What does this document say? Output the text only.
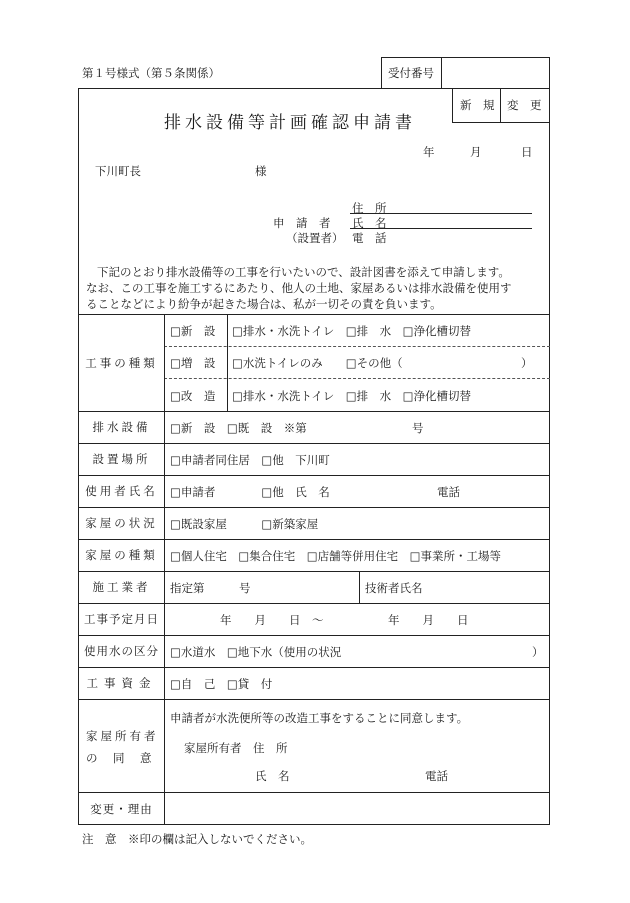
第１号様式（第５条関係）	受付番号
新　規 変　更
排水設備等計画確認申請書
年	月	日
下川町長	様
住　所
申　請　者 氏　名
（設置者） 電　話
下記のとおり排水設備等の工事を行いたいので、設計図書を添えて申請します。
なお、この工事を施工するにあたり、他人の土地、家屋あるいは排水設備を使用す
ることなどにより紛争が起きた場合は、私が一切その責を負います。
工事の種類
□新　設 □排水・水洗トイレ　□排　水　□浄化槽切替
□増　設 □水洗トイレのみ　　□その他（	）
□改　造 □排水・水洗トイレ　□排　水　□浄化槽切替
排水設備	□新　設　□既　設　※第	号
設置場所	□申請者同住居　□他　下川町
使用者氏名	□申請者　　　　□他　氏　名	電話
家屋の状況	□既設家屋　　　□新築家屋
家屋の種類	□個人住宅　□集合住宅　□店舗等併用住宅　□事業所・工場等
施工業者	指定第　　　号	技術者氏名
工事予定月日	年　　月　　日　〜	年　　月　　日
使用水の区分 □水道水　□地下水（使用の状況	）
工事資金	□自　己　□貸　付
家屋所有者
の　同　意
申請者が水洗便所等の改造工事をすることに同意します。
家屋所有者　住　所
氏　名	電話
変更・理由
注　意　※印の欄は記入しないでください。
